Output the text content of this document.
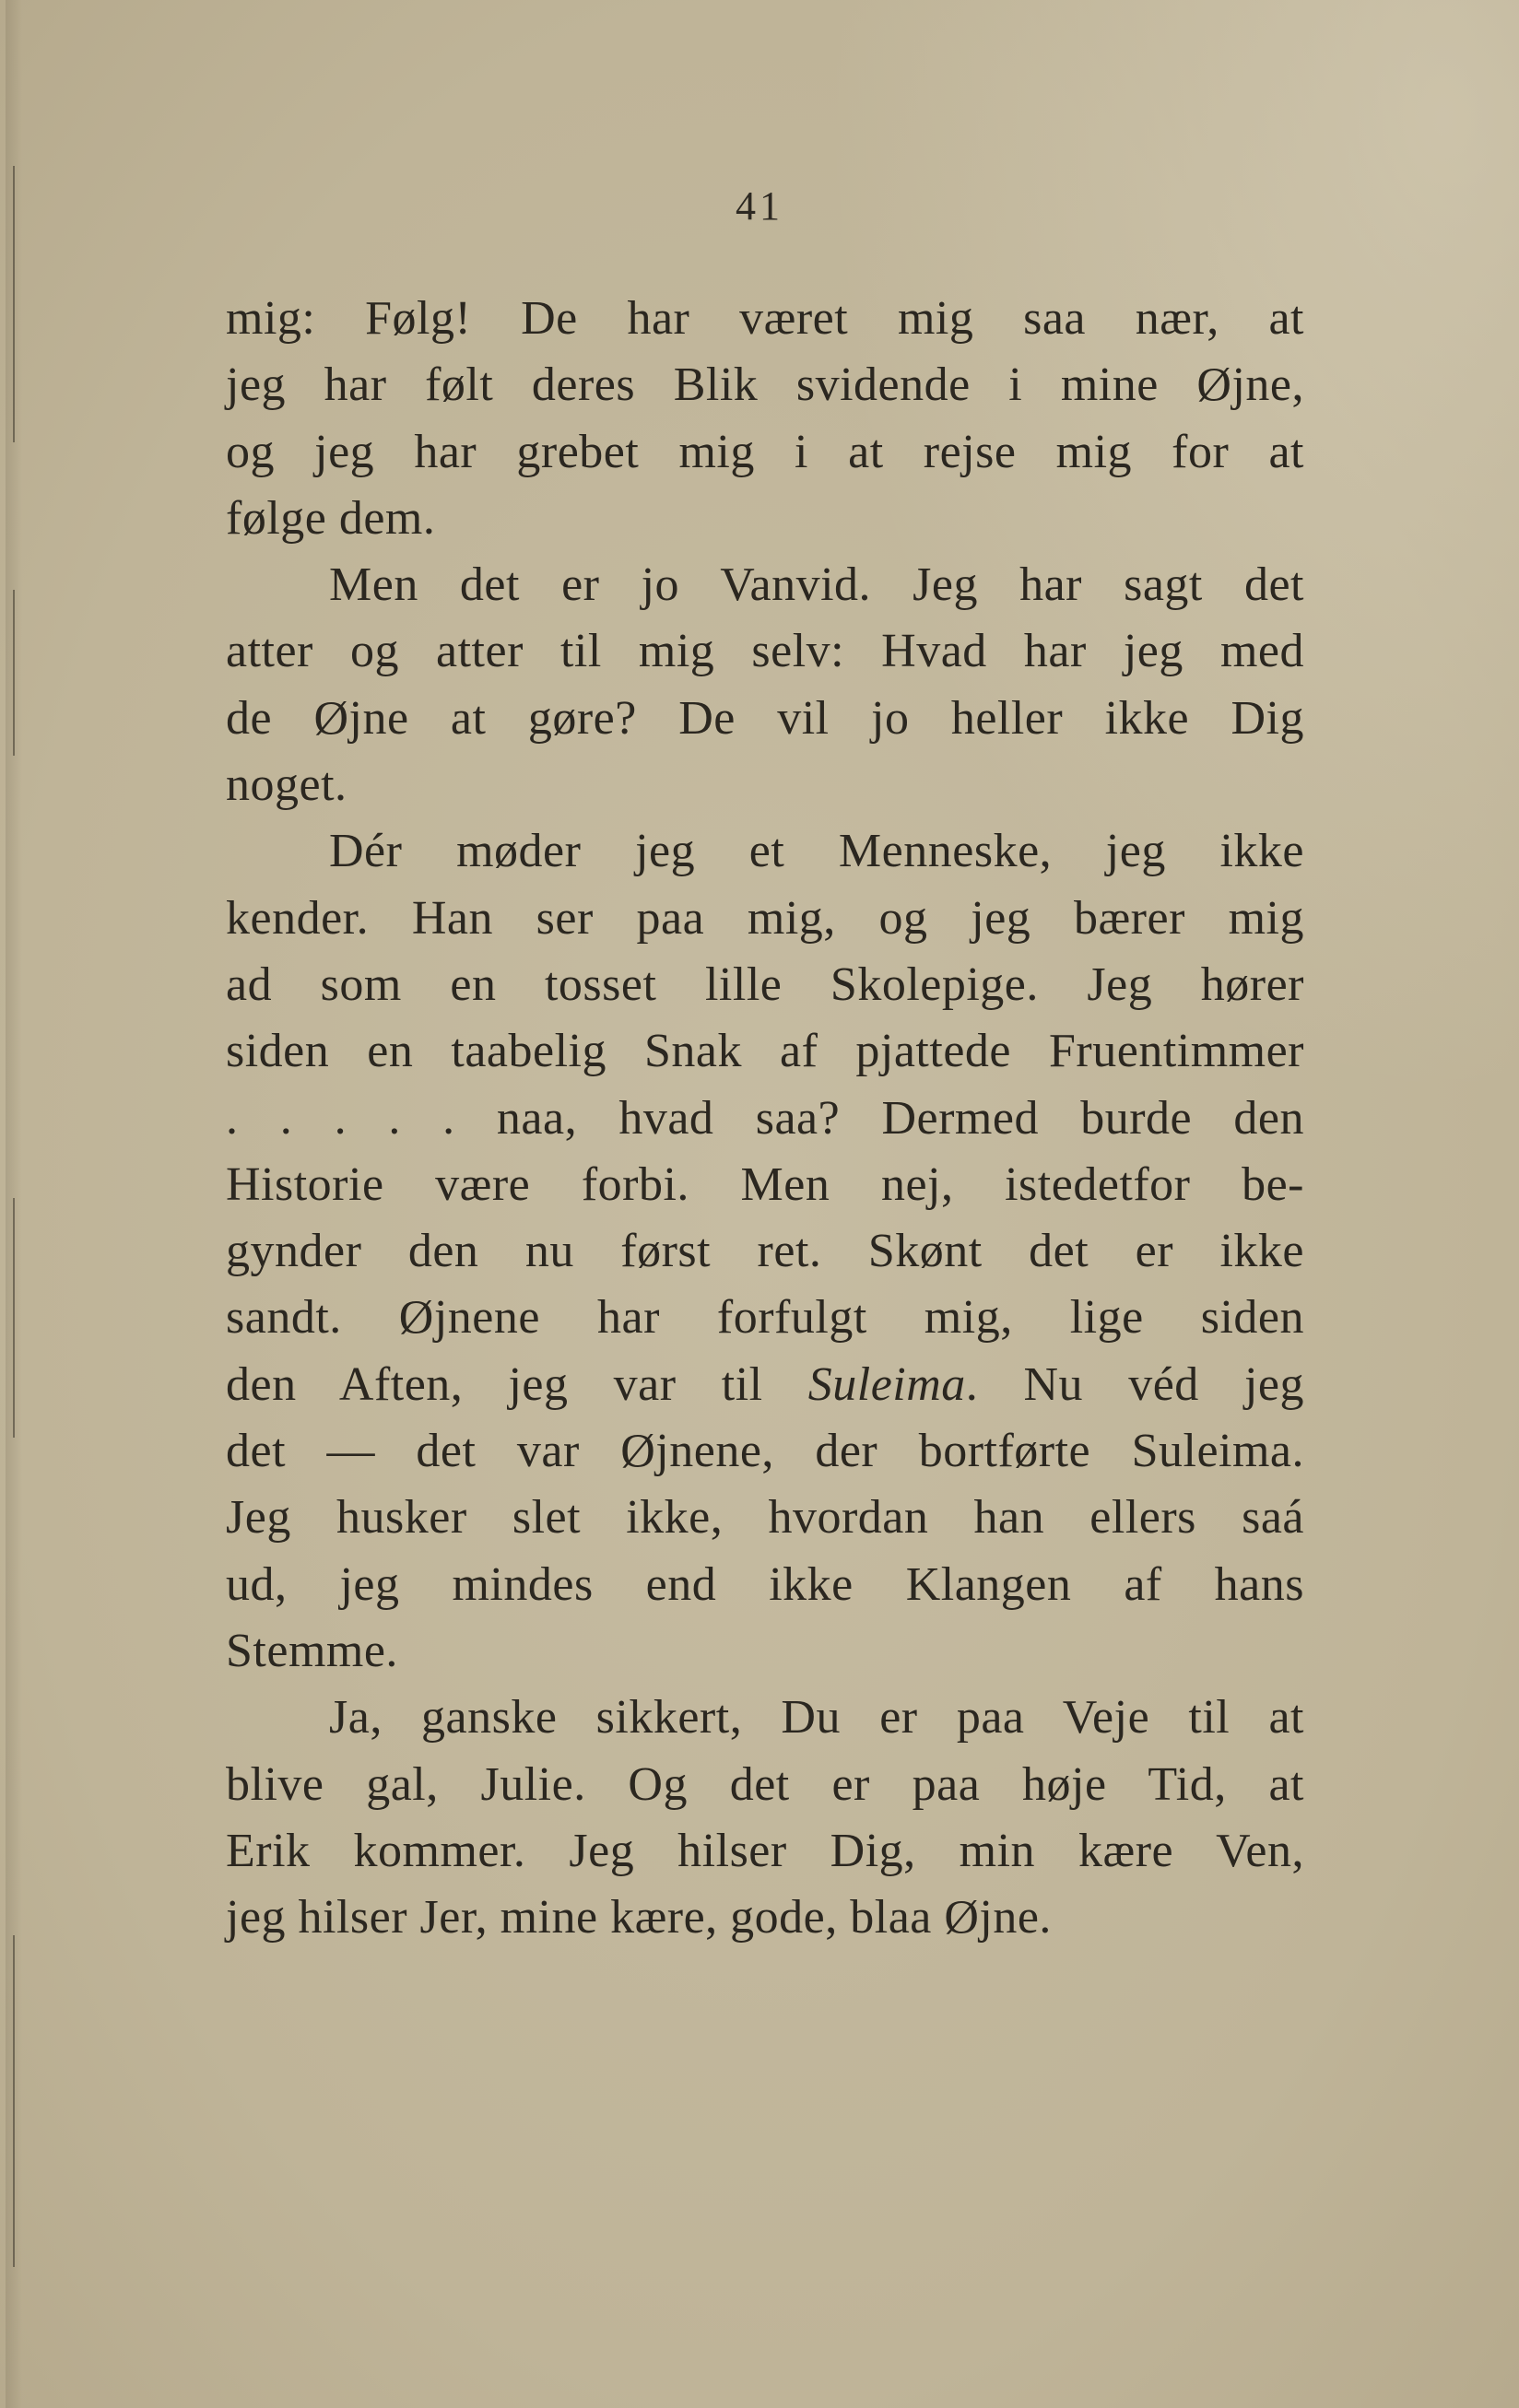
41
mig: Følg! De har været mig saa nær, at
jeg har følt deres Blik svidende i mine Øjne,
og jeg har grebet mig i at rejse mig for at
følge dem.
Men det er jo Vanvid. Jeg har sagt det
atter og atter til mig selv: Hvad har jeg med
de Øjne at gøre? De vil jo heller ikke Dig
noget.
Dér møder jeg et Menneske, jeg ikke
kender. Han ser paa mig, og jeg bærer mig
ad som en tosset lille Skolepige. Jeg hører
siden en taabelig Snak af pjattede Fruentimmer
. . . . . naa, hvad saa? Dermed burde den
Historie være forbi. Men nej, istedetfor be-
gynder den nu først ret. Skønt det er ikke
sandt. Øjnene har forfulgt mig, lige siden
den Aften, jeg var til Suleima. Nu véd jeg
det — det var Øjnene, der bortførte Suleima.
Jeg husker slet ikke, hvordan han ellers saá
ud, jeg mindes end ikke Klangen af hans
Stemme.
Ja, ganske sikkert, Du er paa Veje til at
blive gal, Julie. Og det er paa høje Tid, at
Erik kommer. Jeg hilser Dig, min kære Ven,
jeg hilser Jer, mine kære, gode, blaa Øjne.
